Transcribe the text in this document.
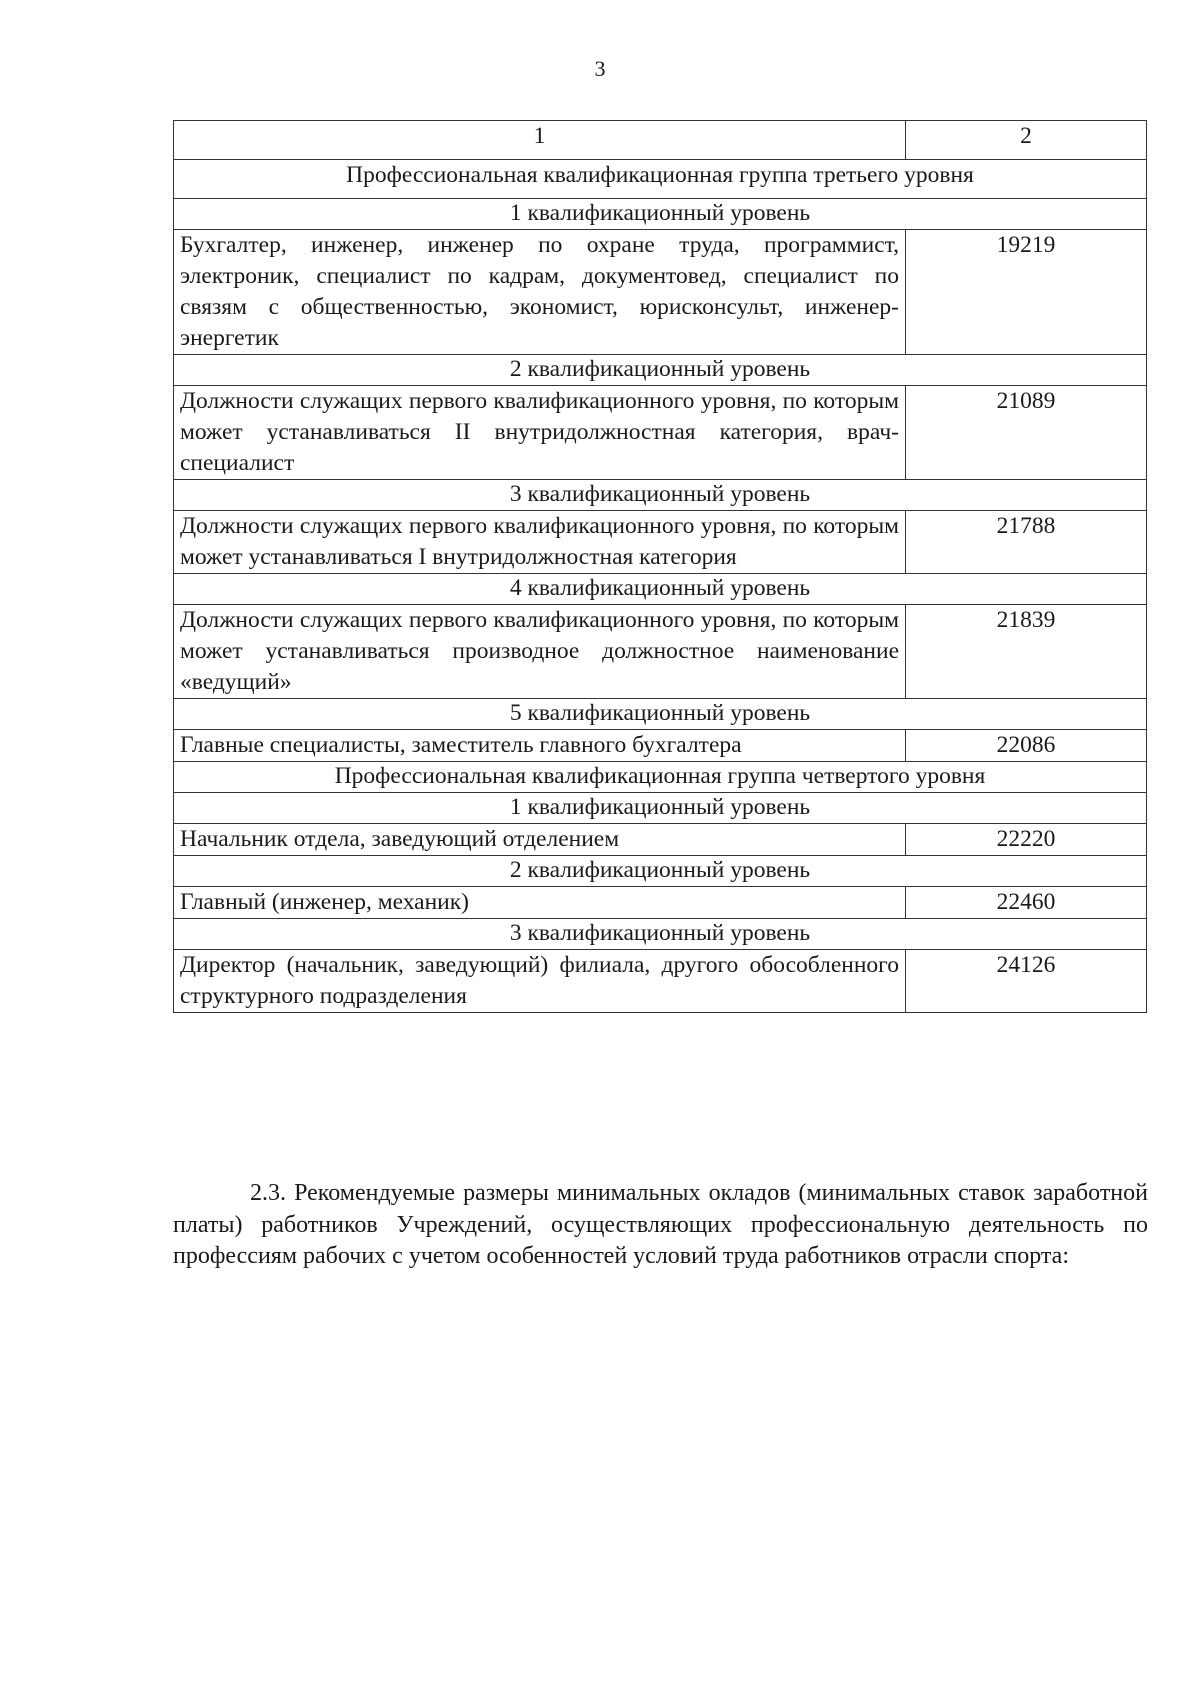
3
1	2
Профессиональная квалификационная группа третьего уровня	
1 квалификационный уровень	
Бухгалтер, инженер, инженер по охране труда, программист, электроник, специалист по кадрам, документовед, специалист по связям с общественностью, экономист, юрисконсульт, инженер-энергетик	19219
2 квалификационный уровень	
Должности служащих первого квалификационного уровня, по которым может устанавливаться II внутридолжностная категория, врач-специалист	21089
3 квалификационный уровень	
Должности служащих первого квалификационного уровня, по которым может устанавливаться I внутридолжностная категория	21788
4 квалификационный уровень	
Должности служащих первого квалификационного уровня, по которым может устанавливаться производное должностное наименование «ведущий»	21839
5 квалификационный уровень	
Главные специалисты, заместитель главного бухгалтера	22086
Профессиональная квалификационная группа четвертого уровня	
1 квалификационный уровень	
Начальник отдела, заведующий отделением	22220
2 квалификационный уровень	
Главный (инженер, механик)	22460
3 квалификационный уровень	
Директор (начальник, заведующий) филиала, другого обособленного структурного подразделения	24126

2.3. Рекомендуемые размеры минимальных окладов (минимальных ставок заработной платы) работников Учреждений, осуществляющих профессиональную деятельность по профессиям рабочих с учетом особенностей условий труда работников отрасли спорта:
